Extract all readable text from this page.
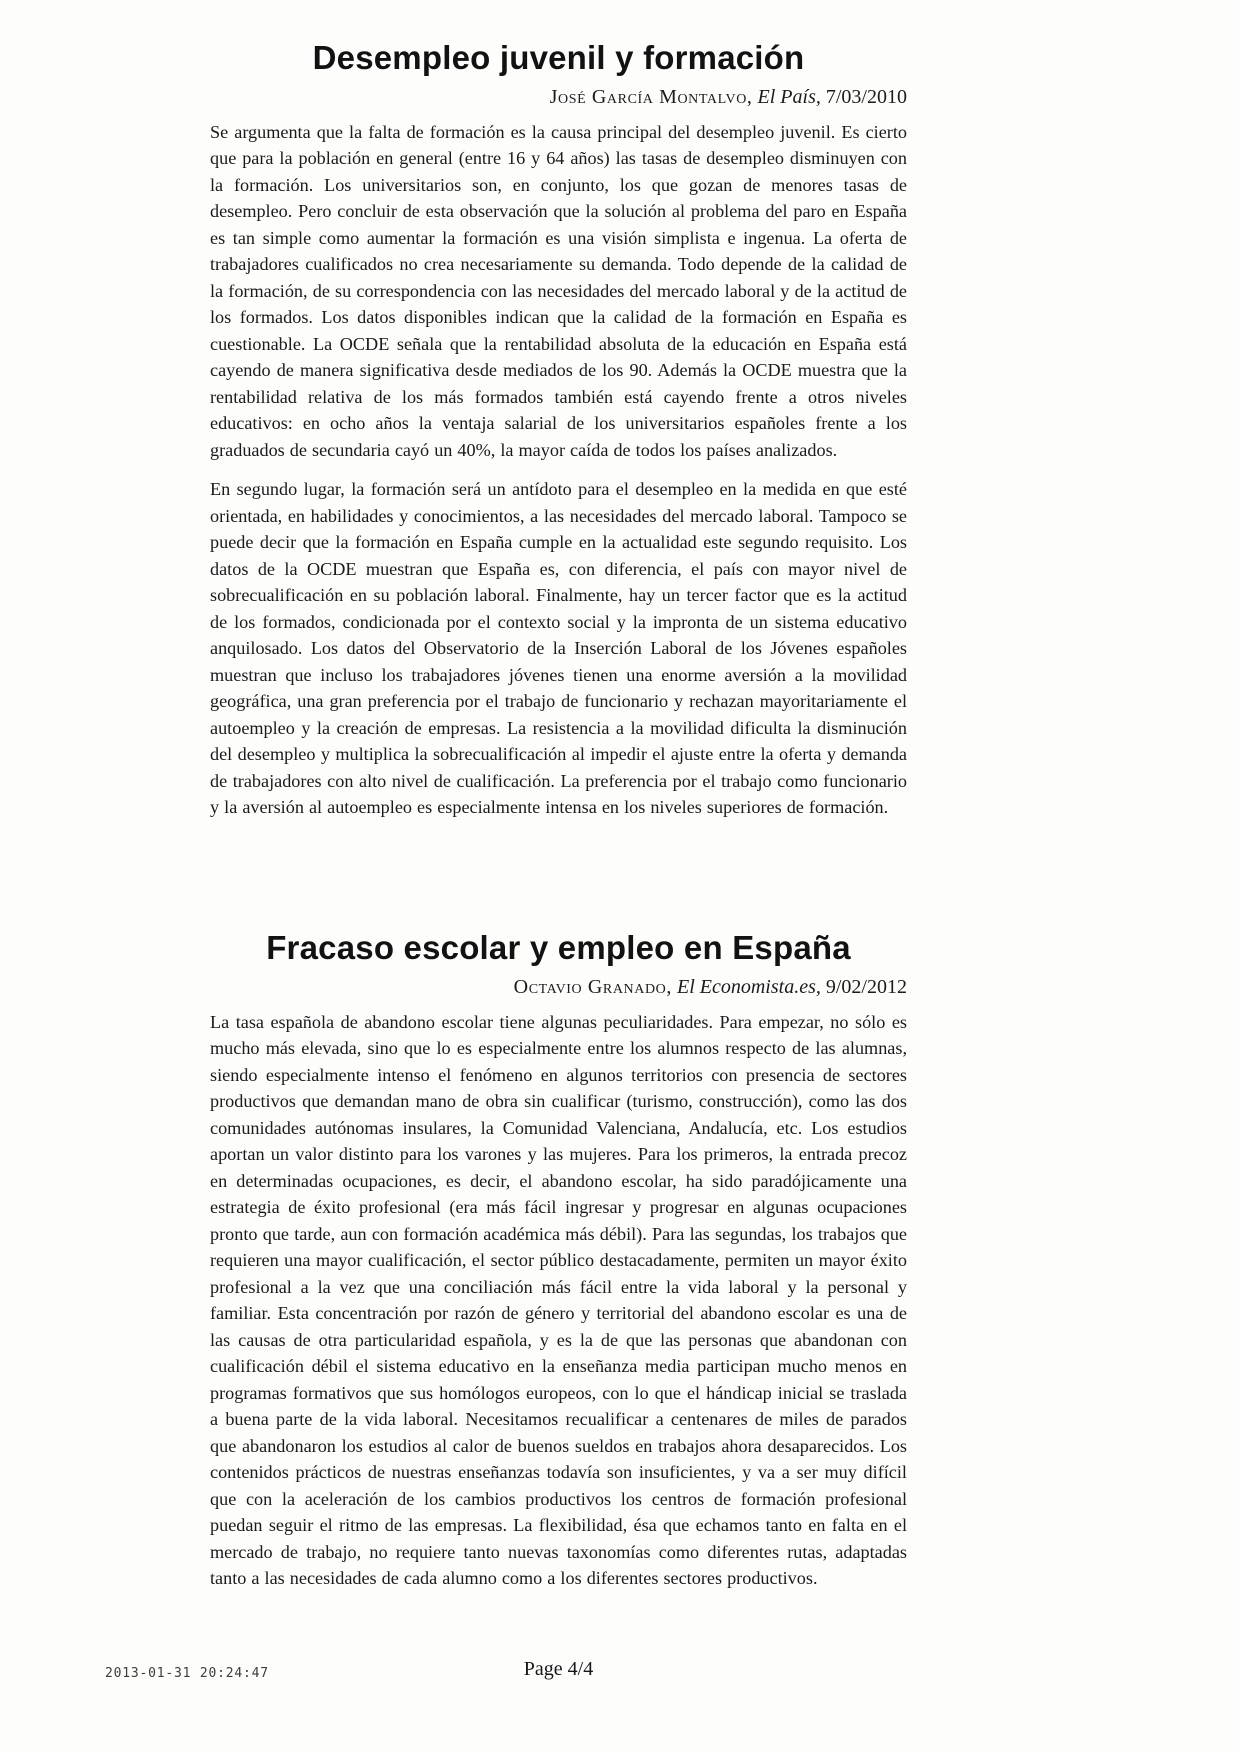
Desempleo juvenil y formación

José García Montalvo, El País, 7/03/2010

Se argumenta que la falta de formación es la causa principal del desempleo juvenil. Es cierto que para la población en general (entre 16 y 64 años) las tasas de desempleo disminuyen con la formación. Los universitarios son, en conjunto, los que gozan de menores tasas de desempleo. Pero concluir de esta observación que la solución al problema del paro en España es tan simple como aumentar la formación es una visión simplista e ingenua. La oferta de trabajadores cualificados no crea necesariamente su demanda. Todo depende de la calidad de la formación, de su correspondencia con las necesidades del mercado laboral y de la actitud de los formados. Los datos disponibles indican que la calidad de la formación en España es cuestionable. La OCDE señala que la rentabilidad absoluta de la educación en España está cayendo de manera significativa desde mediados de los 90. Además la OCDE muestra que la rentabilidad relativa de los más formados también está cayendo frente a otros niveles educativos: en ocho años la ventaja salarial de los universitarios españoles frente a los graduados de secundaria cayó un 40%, la mayor caída de todos los países analizados.

En segundo lugar, la formación será un antídoto para el desempleo en la medida en que esté orientada, en habilidades y conocimientos, a las necesidades del mercado laboral. Tampoco se puede decir que la formación en España cumple en la actualidad este segundo requisito. Los datos de la OCDE muestran que España es, con diferencia, el país con mayor nivel de sobrecualificación en su población laboral. Finalmente, hay un tercer factor que es la actitud de los formados, condicionada por el contexto social y la impronta de un sistema educativo anquilosado. Los datos del Observatorio de la Inserción Laboral de los Jóvenes españoles muestran que incluso los trabajadores jóvenes tienen una enorme aversión a la movilidad geográfica, una gran preferencia por el trabajo de funcionario y rechazan mayoritariamente el autoempleo y la creación de empresas. La resistencia a la movilidad dificulta la disminución del desempleo y multiplica la sobrecualificación al impedir el ajuste entre la oferta y demanda de trabajadores con alto nivel de cualificación. La preferencia por el trabajo como funcionario y la aversión al autoempleo es especialmente intensa en los niveles superiores de formación.

Fracaso escolar y empleo en España

Octavio Granado, El Economista.es, 9/02/2012

La tasa española de abandono escolar tiene algunas peculiaridades. Para empezar, no sólo es mucho más elevada, sino que lo es especialmente entre los alumnos respecto de las alumnas, siendo especialmente intenso el fenómeno en algunos territorios con presencia de sectores productivos que demandan mano de obra sin cualificar (turismo, construcción), como las dos comunidades autónomas insulares, la Comunidad Valenciana, Andalucía, etc. Los estudios aportan un valor distinto para los varones y las mujeres. Para los primeros, la entrada precoz en determinadas ocupaciones, es decir, el abandono escolar, ha sido paradójicamente una estrategia de éxito profesional (era más fácil ingresar y progresar en algunas ocupaciones pronto que tarde, aun con formación académica más débil). Para las segundas, los trabajos que requieren una mayor cualificación, el sector público destacadamente, permiten un mayor éxito profesional a la vez que una conciliación más fácil entre la vida laboral y la personal y familiar. Esta concentración por razón de género y territorial del abandono escolar es una de las causas de otra particularidad española, y es la de que las personas que abandonan con cualificación débil el sistema educativo en la enseñanza media participan mucho menos en programas formativos que sus homólogos europeos, con lo que el hándicap inicial se traslada a buena parte de la vida laboral. Necesitamos recualificar a centenares de miles de parados que abandonaron los estudios al calor de buenos sueldos en trabajos ahora desaparecidos. Los contenidos prácticos de nuestras enseñanzas todavía son insuficientes, y va a ser muy difícil que con la aceleración de los cambios productivos los centros de formación profesional puedan seguir el ritmo de las empresas. La flexibilidad, ésa que echamos tanto en falta en el mercado de trabajo, no requiere tanto nuevas taxonomías como diferentes rutas, adaptadas tanto a las necesidades de cada alumno como a los diferentes sectores productivos.

2013-01-31 20:24:47	Page 4/4
